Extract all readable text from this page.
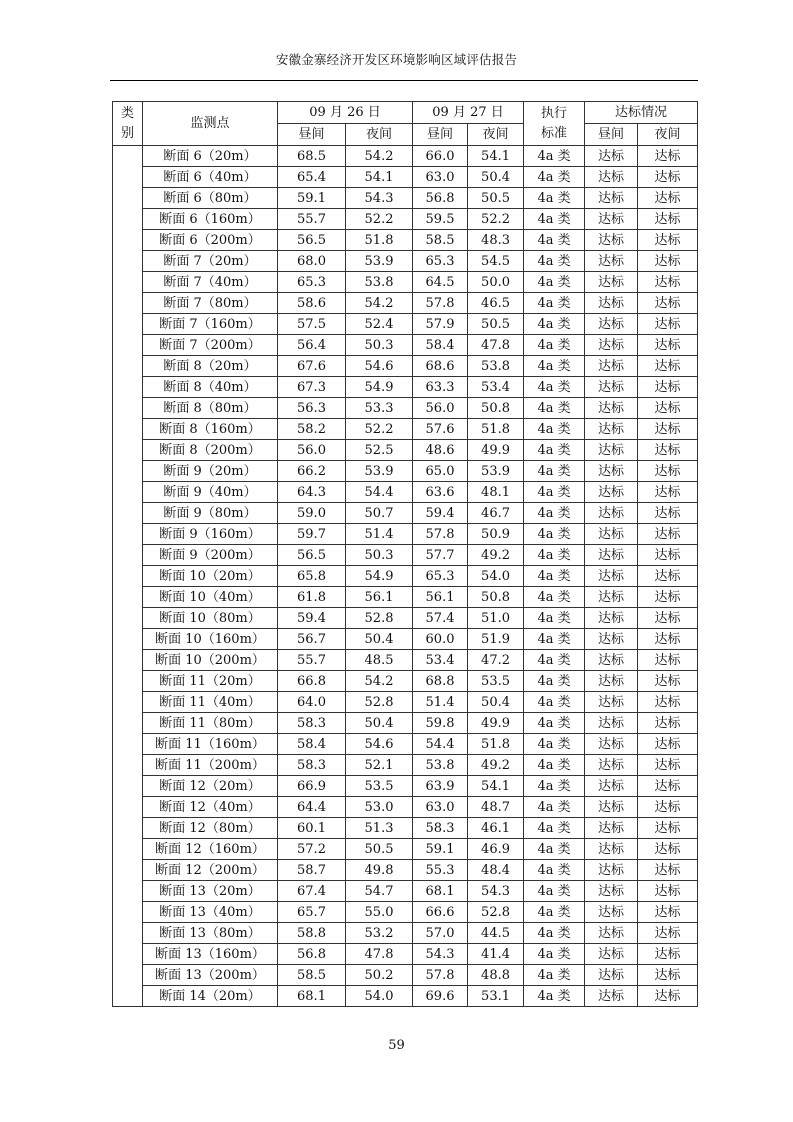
安徽金寨经济开发区环境影响区域评估报告
类别	监测点	09 月 26 日		09 月 27 日		执行标准	达标情况	
		昼间	夜间	昼间	夜间		昼间	夜间
	断面 6（20m）	68.5	54.2	66.0	54.1	4a 类	达标	达标
	断面 6（40m）	65.4	54.1	63.0	50.4	4a 类	达标	达标
	断面 6（80m）	59.1	54.3	56.8	50.5	4a 类	达标	达标
	断面 6（160m）	55.7	52.2	59.5	52.2	4a 类	达标	达标
	断面 6（200m）	56.5	51.8	58.5	48.3	4a 类	达标	达标
	断面 7（20m）	68.0	53.9	65.3	54.5	4a 类	达标	达标
	断面 7（40m）	65.3	53.8	64.5	50.0	4a 类	达标	达标
	断面 7（80m）	58.6	54.2	57.8	46.5	4a 类	达标	达标
	断面 7（160m）	57.5	52.4	57.9	50.5	4a 类	达标	达标
	断面 7（200m）	56.4	50.3	58.4	47.8	4a 类	达标	达标
	断面 8（20m）	67.6	54.6	68.6	53.8	4a 类	达标	达标
	断面 8（40m）	67.3	54.9	63.3	53.4	4a 类	达标	达标
	断面 8（80m）	56.3	53.3	56.0	50.8	4a 类	达标	达标
	断面 8（160m）	58.2	52.2	57.6	51.8	4a 类	达标	达标
	断面 8（200m）	56.0	52.5	48.6	49.9	4a 类	达标	达标
	断面 9（20m）	66.2	53.9	65.0	53.9	4a 类	达标	达标
	断面 9（40m）	64.3	54.4	63.6	48.1	4a 类	达标	达标
	断面 9（80m）	59.0	50.7	59.4	46.7	4a 类	达标	达标
	断面 9（160m）	59.7	51.4	57.8	50.9	4a 类	达标	达标
	断面 9（200m）	56.5	50.3	57.7	49.2	4a 类	达标	达标
	断面 10（20m）	65.8	54.9	65.3	54.0	4a 类	达标	达标
	断面 10（40m）	61.8	56.1	56.1	50.8	4a 类	达标	达标
	断面 10（80m）	59.4	52.8	57.4	51.0	4a 类	达标	达标
	断面 10（160m）	56.7	50.4	60.0	51.9	4a 类	达标	达标
	断面 10（200m）	55.7	48.5	53.4	47.2	4a 类	达标	达标
	断面 11（20m）	66.8	54.2	68.8	53.5	4a 类	达标	达标
	断面 11（40m）	64.0	52.8	51.4	50.4	4a 类	达标	达标
	断面 11（80m）	58.3	50.4	59.8	49.9	4a 类	达标	达标
	断面 11（160m）	58.4	54.6	54.4	51.8	4a 类	达标	达标
	断面 11（200m）	58.3	52.1	53.8	49.2	4a 类	达标	达标
	断面 12（20m）	66.9	53.5	63.9	54.1	4a 类	达标	达标
	断面 12（40m）	64.4	53.0	63.0	48.7	4a 类	达标	达标
	断面 12（80m）	60.1	51.3	58.3	46.1	4a 类	达标	达标
	断面 12（160m）	57.2	50.5	59.1	46.9	4a 类	达标	达标
	断面 12（200m）	58.7	49.8	55.3	48.4	4a 类	达标	达标
	断面 13（20m）	67.4	54.7	68.1	54.3	4a 类	达标	达标
	断面 13（40m）	65.7	55.0	66.6	52.8	4a 类	达标	达标
	断面 13（80m）	58.8	53.2	57.0	44.5	4a 类	达标	达标
	断面 13（160m）	56.8	47.8	54.3	41.4	4a 类	达标	达标
	断面 13（200m）	58.5	50.2	57.8	48.8	4a 类	达标	达标
	断面 14（20m）	68.1	54.0	69.6	53.1	4a 类	达标	达标
59
